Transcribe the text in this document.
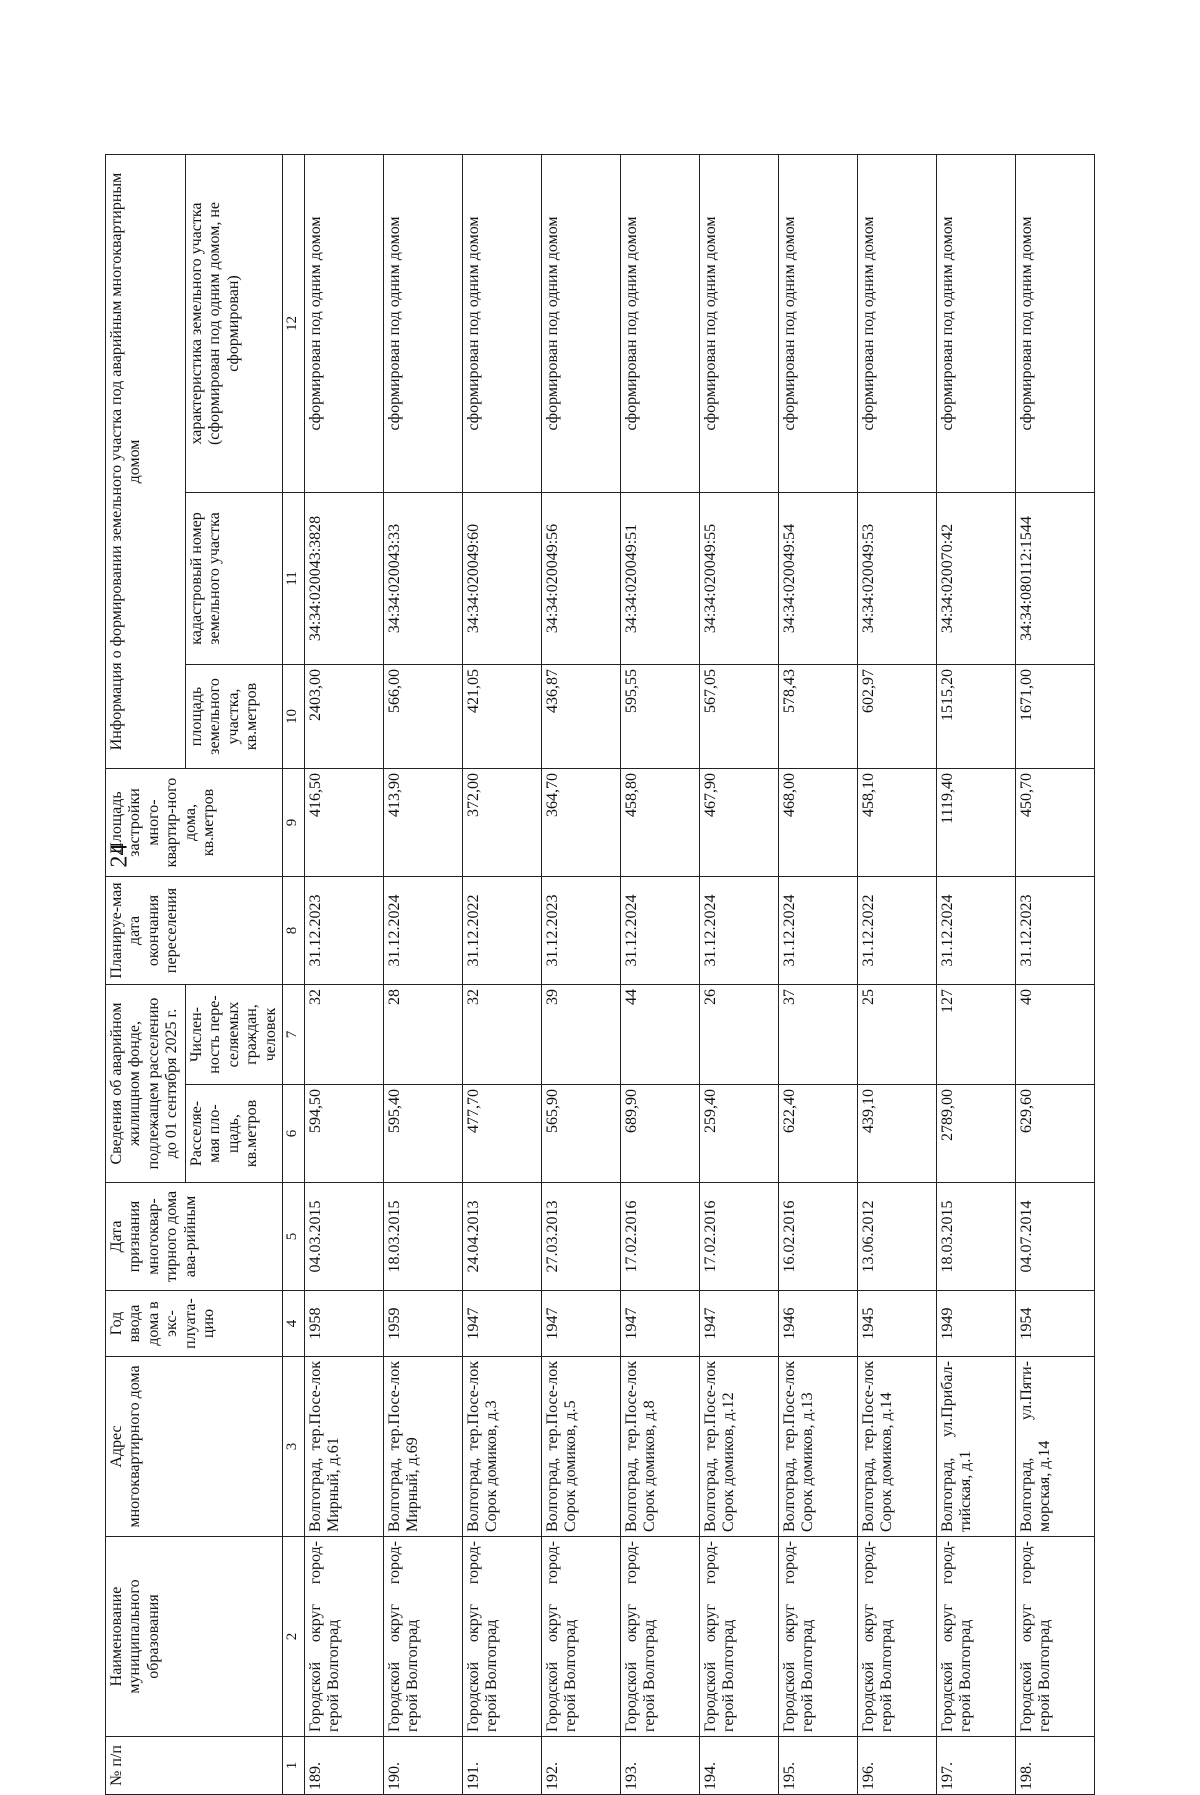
24
№ п/п	Наименование муниципального образования	Адрес многоквартирного дома	Год ввода дома в экс-плуата-цию	Дата признания многоквар-тирного дома ава-рийным	Сведения об аварийном жилищном фонде, подлежащем расселению до 01 сентября 2025 г.		Планируе-мая дата окончания переселения	Площадь застройки много-квартир-ного дома, кв.метров	Информация о формировании земельного участка под аварийным многоквартирным домом		
					Расселяе-мая пло-щадь, кв.метров	Числен-ность пере-селяемых граждан, человек			площадь земельного участка, кв.метров	кадастровый номер земельного участка	характеристика земельного участка (сформирован под одним домом, не сформирован)
1	2	3	4	5	6	7	8	9	10	11	12
189.	Городской округ город-герой Волгоград	Волгоград, тер.Посе-лок Мирный, д.61	1958	04.03.2015	594,50	32	31.12.2023	416,50	2403,00	34:34:020043:3828	сформирован под одним домом
190.	Городской округ город-герой Волгоград	Волгоград, тер.Посе-лок Мирный, д.69	1959	18.03.2015	595,40	28	31.12.2024	413,90	566,00	34:34:020043:33	сформирован под одним домом
191.	Городской округ город-герой Волгоград	Волгоград, тер.Посе-лок Сорок домиков, д.3	1947	24.04.2013	477,70	32	31.12.2022	372,00	421,05	34:34:020049:60	сформирован под одним домом
192.	Городской округ город-герой Волгоград	Волгоград, тер.Посе-лок Сорок домиков, д.5	1947	27.03.2013	565,90	39	31.12.2023	364,70	436,87	34:34:020049:56	сформирован под одним домом
193.	Городской округ город-герой Волгоград	Волгоград, тер.Посе-лок Сорок домиков, д.8	1947	17.02.2016	689,90	44	31.12.2024	458,80	595,55	34:34:020049:51	сформирован под одним домом
194.	Городской округ город-герой Волгоград	Волгоград, тер.Посе-лок Сорок домиков, д.12	1947	17.02.2016	259,40	26	31.12.2024	467,90	567,05	34:34:020049:55	сформирован под одним домом
195.	Городской округ город-герой Волгоград	Волгоград, тер.Посе-лок Сорок домиков, д.13	1946	16.02.2016	622,40	37	31.12.2024	468,00	578,43	34:34:020049:54	сформирован под одним домом
196.	Городской округ город-герой Волгоград	Волгоград, тер.Посе-лок Сорок домиков, д.14	1945	13.06.2012	439,10	25	31.12.2022	458,10	602,97	34:34:020049:53	сформирован под одним домом
197.	Городской округ город-герой Волгоград	Волгоград, ул.Прибал-тийская, д.1	1949	18.03.2015	2789,00	127	31.12.2024	1119,40	1515,20	34:34:020070:42	сформирован под одним домом
198.	Городской округ город-герой Волгоград	Волгоград, ул.Пяти-морская, д.14	1954	04.07.2014	629,60	40	31.12.2023	450,70	1671,00	34:34:080112:1544	сформирован под одним домом
